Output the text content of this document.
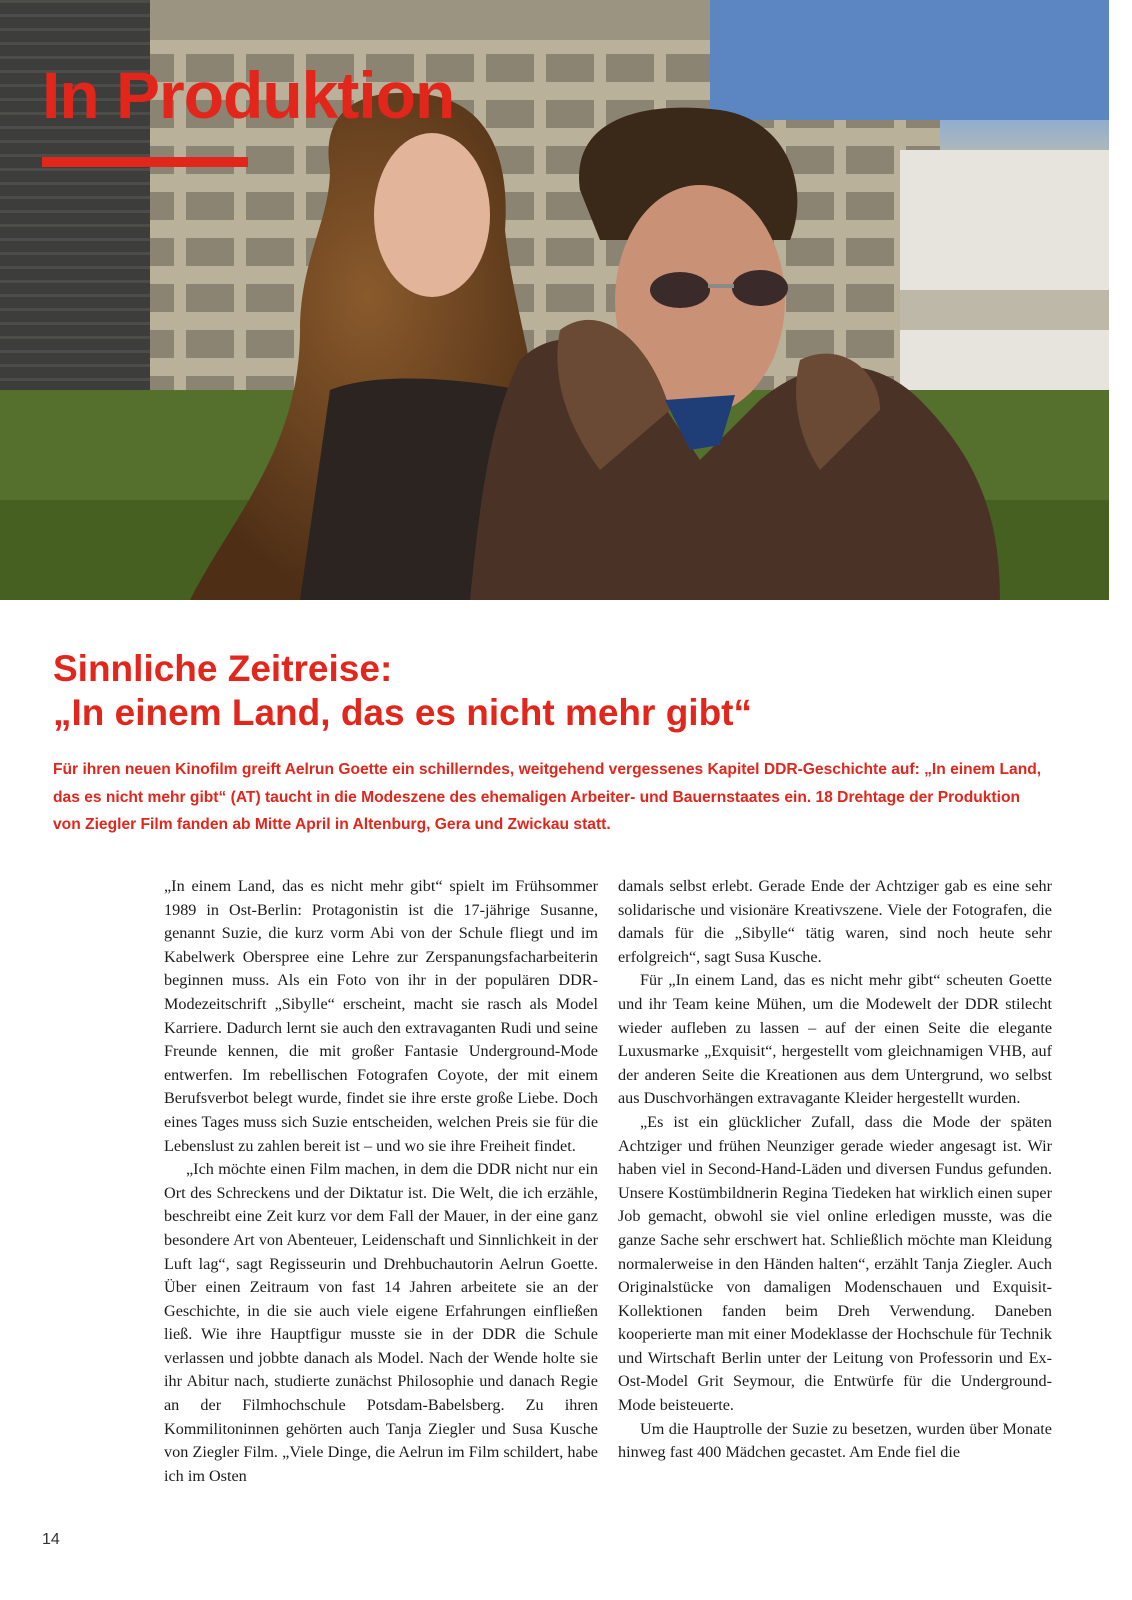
In Produktion
Sinnliche Zeitreise:
„In einem Land, das es nicht mehr gibt“

Für ihren neuen Kinofilm greift Aelrun Goette ein schillerndes, weitgehend vergessenes Kapitel DDR-Geschichte auf: „In einem Land, das es nicht mehr gibt“ (AT) taucht in die Modeszene des ehemaligen Arbeiter- und Bauernstaates ein. 18 Drehtage der Produktion von Ziegler Film fanden ab Mitte April in Altenburg, Gera und Zwickau statt.

„In einem Land, das es nicht mehr gibt“ spielt im Frühsommer 1989 in Ost-Berlin: Protagonistin ist die 17-jährige Susanne, genannt Suzie, die kurz vorm Abi von der Schule fliegt und im Kabelwerk Oberspree eine Lehre zur Zerspanungsfacharbeiterin beginnen muss. Als ein Foto von ihr in der populären DDR-Modezeitschrift „Sibylle“ erscheint, macht sie rasch als Model Karriere. Dadurch lernt sie auch den extravaganten Rudi und seine Freunde kennen, die mit großer Fantasie Underground-Mode entwerfen. Im rebellischen Fotografen Coyote, der mit einem Berufsverbot belegt wurde, findet sie ihre erste große Liebe. Doch eines Tages muss sich Suzie entscheiden, welchen Preis sie für die Lebenslust zu zahlen bereit ist – und wo sie ihre Freiheit findet.

„Ich möchte einen Film machen, in dem die DDR nicht nur ein Ort des Schreckens und der Diktatur ist. Die Welt, die ich erzähle, beschreibt eine Zeit kurz vor dem Fall der Mauer, in der eine ganz besondere Art von Abenteuer, Leidenschaft und Sinnlichkeit in der Luft lag“, sagt Regisseurin und Drehbuchautorin Aelrun Goette. Über einen Zeitraum von fast 14 Jahren arbeitete sie an der Geschichte, in die sie auch viele eigene Erfahrungen einfließen ließ. Wie ihre Hauptfigur musste sie in der DDR die Schule verlassen und jobbte danach als Model. Nach der Wende holte sie ihr Abitur nach, studierte zunächst Philosophie und danach Regie an der Filmhochschule Potsdam-Babelsberg. Zu ihren Kommilitoninnen gehörten auch Tanja Ziegler und Susa Kusche von Ziegler Film. „Viele Dinge, die Aelrun im Film schildert, habe ich im Osten

damals selbst erlebt. Gerade Ende der Achtziger gab es eine sehr solidarische und visionäre Kreativszene. Viele der Fotografen, die damals für die „Sibylle“ tätig waren, sind noch heute sehr erfolgreich“, sagt Susa Kusche.

Für „In einem Land, das es nicht mehr gibt“ scheuten Goette und ihr Team keine Mühen, um die Modewelt der DDR stilecht wieder aufleben zu lassen – auf der einen Seite die elegante Luxusmarke „Exquisit“, hergestellt vom gleichnamigen VHB, auf der anderen Seite die Kreationen aus dem Untergrund, wo selbst aus Duschvorhängen extravagante Kleider hergestellt wurden.

„Es ist ein glücklicher Zufall, dass die Mode der späten Achtziger und frühen Neunziger gerade wieder angesagt ist. Wir haben viel in Second-Hand-Läden und diversen Fundus gefunden. Unsere Kostümbildnerin Regina Tiedeken hat wirklich einen super Job gemacht, obwohl sie viel online erledigen musste, was die ganze Sache sehr erschwert hat. Schließlich möchte man Kleidung normalerweise in den Händen halten“, erzählt Tanja Ziegler. Auch Originalstücke von damaligen Modenschauen und Exquisit-Kollektionen fanden beim Dreh Verwendung. Daneben kooperierte man mit einer Modeklasse der Hochschule für Technik und Wirtschaft Berlin unter der Leitung von Professorin und Ex-Ost-Model Grit Seymour, die Entwürfe für die Underground-Mode beisteuerte.

Um die Hauptrolle der Suzie zu besetzen, wurden über Monate hinweg fast 400 Mädchen gecastet. Am Ende fiel die

14
